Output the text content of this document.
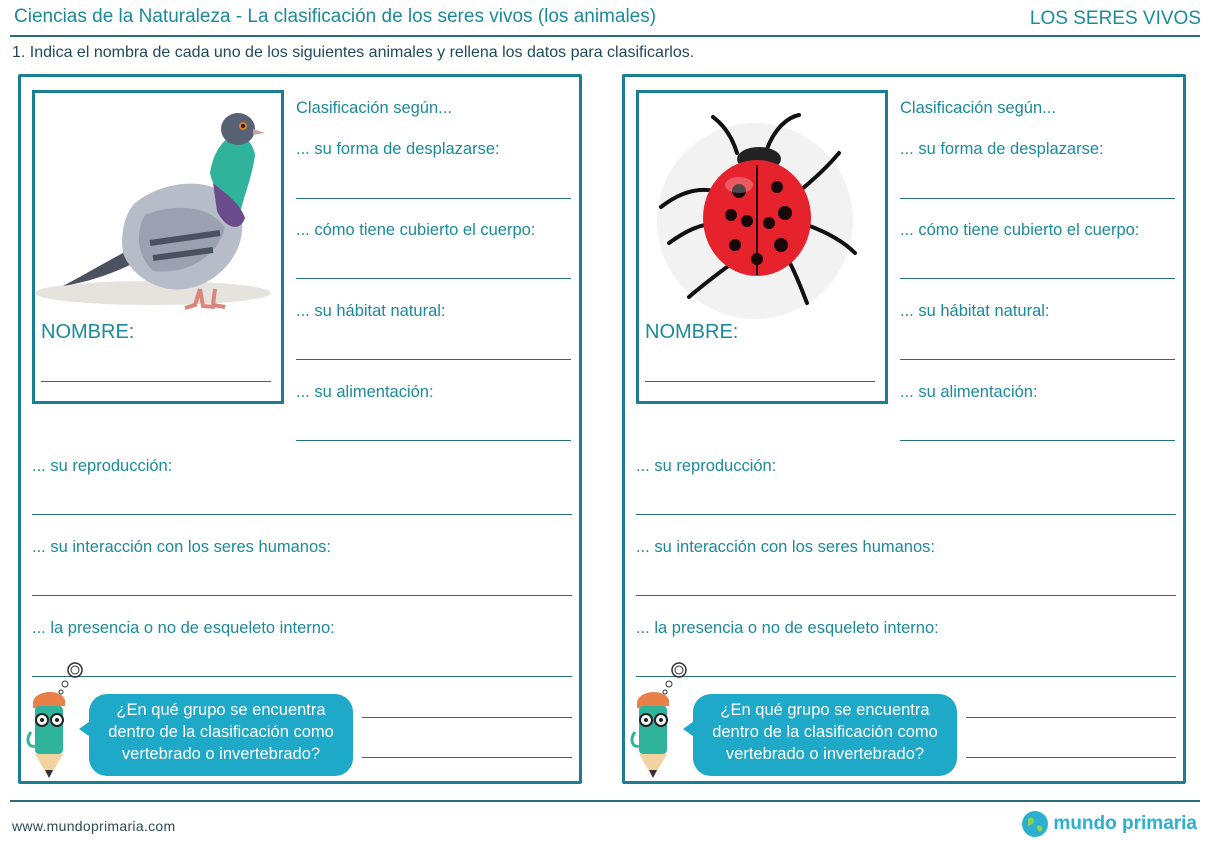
Ciencias de la Naturaleza - La clasificación de los seres vivos (los animales)	LOS SERES VIVOS
1. Indica el nombra de cada uno de los siguientes animales y rellena los datos para clasificarlos.
NOMBRE:
Clasificación según...
... su forma de desplazarse:
... cómo tiene cubierto el cuerpo:
... su hábitat natural:
... su alimentación:
... su reproducción:
... su interacción con los seres humanos:
... la presencia o no de esqueleto interno:
¿En qué grupo se encuentra
dentro de la clasificación como
vertebrado o invertebrado?
NOMBRE:
Clasificación según...
... su forma de desplazarse:
... cómo tiene cubierto el cuerpo:
... su hábitat natural:
... su alimentación:
... su reproducción:
... su interacción con los seres humanos:
... la presencia o no de esqueleto interno:
¿En qué grupo se encuentra
dentro de la clasificación como
vertebrado o invertebrado?
www.mundoprimaria.com	mundo primaria
